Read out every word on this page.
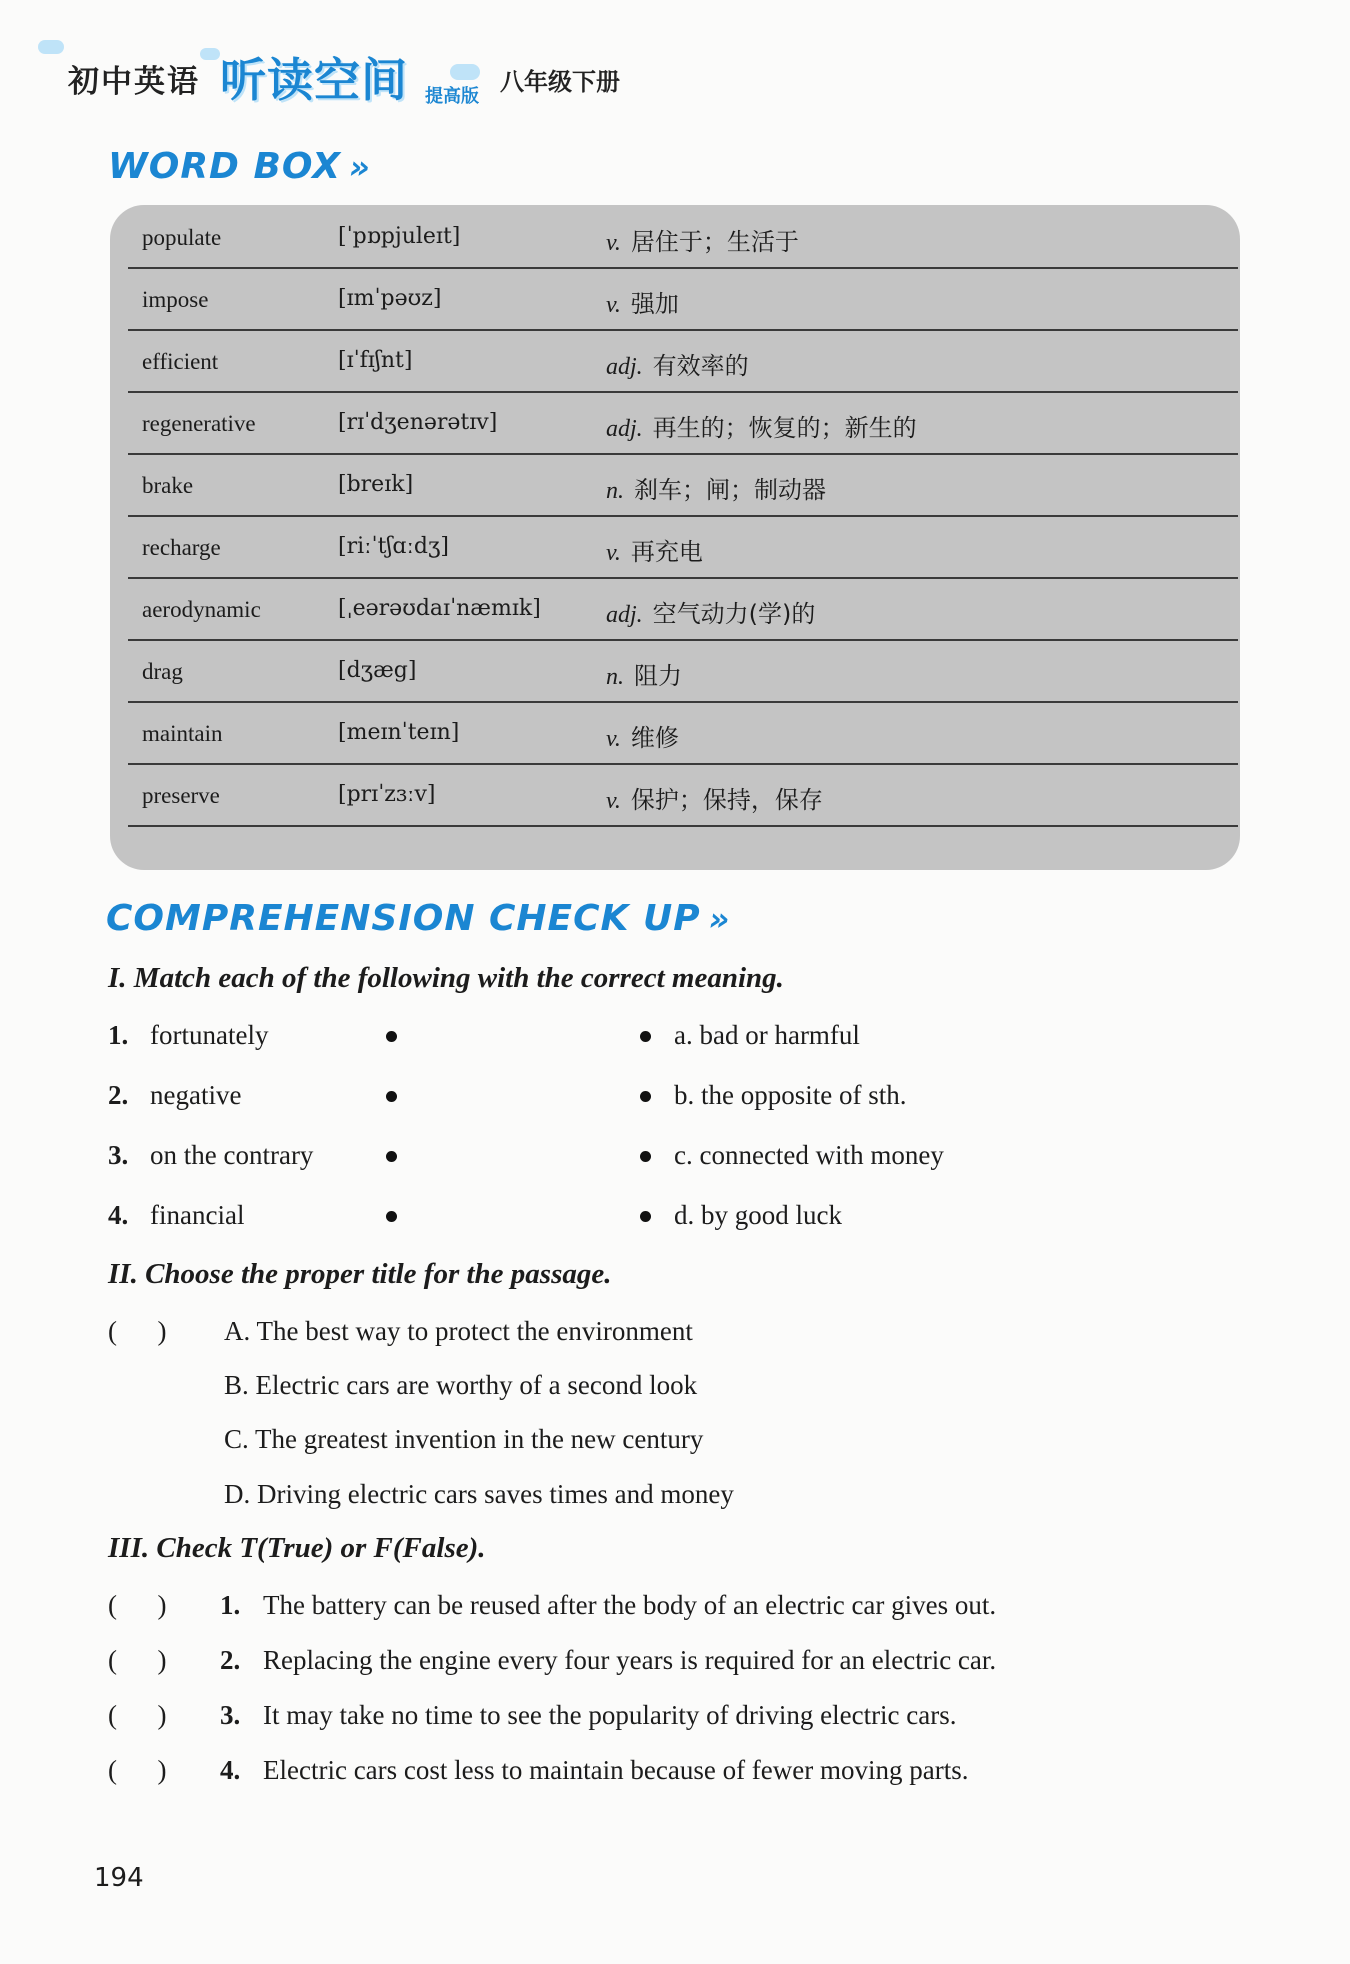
初中英语 听读空间 提高版
八年级下册
WORD BOX »
populate	[ˈpɒpjuleɪt]	v. 居住于；生活于
impose	[ɪmˈpəʊz]	v. 强加
efficient	[ɪˈfɪʃnt]	adj. 有效率的
regenerative	[rɪˈdʒenərətɪv]	adj. 再生的；恢复的；新生的
brake	[breɪk]	n. 刹车；闸；制动器
recharge	[riːˈtʃɑːdʒ]	v. 再充电
aerodynamic	[ˌeərəʊdaɪˈnæmɪk]	adj. 空气动力(学)的
drag	[dʒæg]	n. 阻力
maintain	[meɪnˈteɪn]	v. 维修
preserve	[prɪˈzɜːv]	v. 保护；保持，保存
COMPREHENSION CHECK UP »
I. Match each of the following with the correct meaning.
1. fortunately	a. bad or harmful
2. negative	b. the opposite of sth.
3. on the contrary	c. connected with money
4. financial	d. by good luck
II. Choose the proper title for the passage.
(      ) A. The best way to protect the environment
B. Electric cars are worthy of a second look
C. The greatest invention in the new century
D. Driving electric cars saves times and money
III. Check T(True) or F(False).
(      ) 1. The battery can be reused after the body of an electric car gives out.
(      ) 2. Replacing the engine every four years is required for an electric car.
(      ) 3. It may take no time to see the popularity of driving electric cars.
(      ) 4. Electric cars cost less to maintain because of fewer moving parts.
194
